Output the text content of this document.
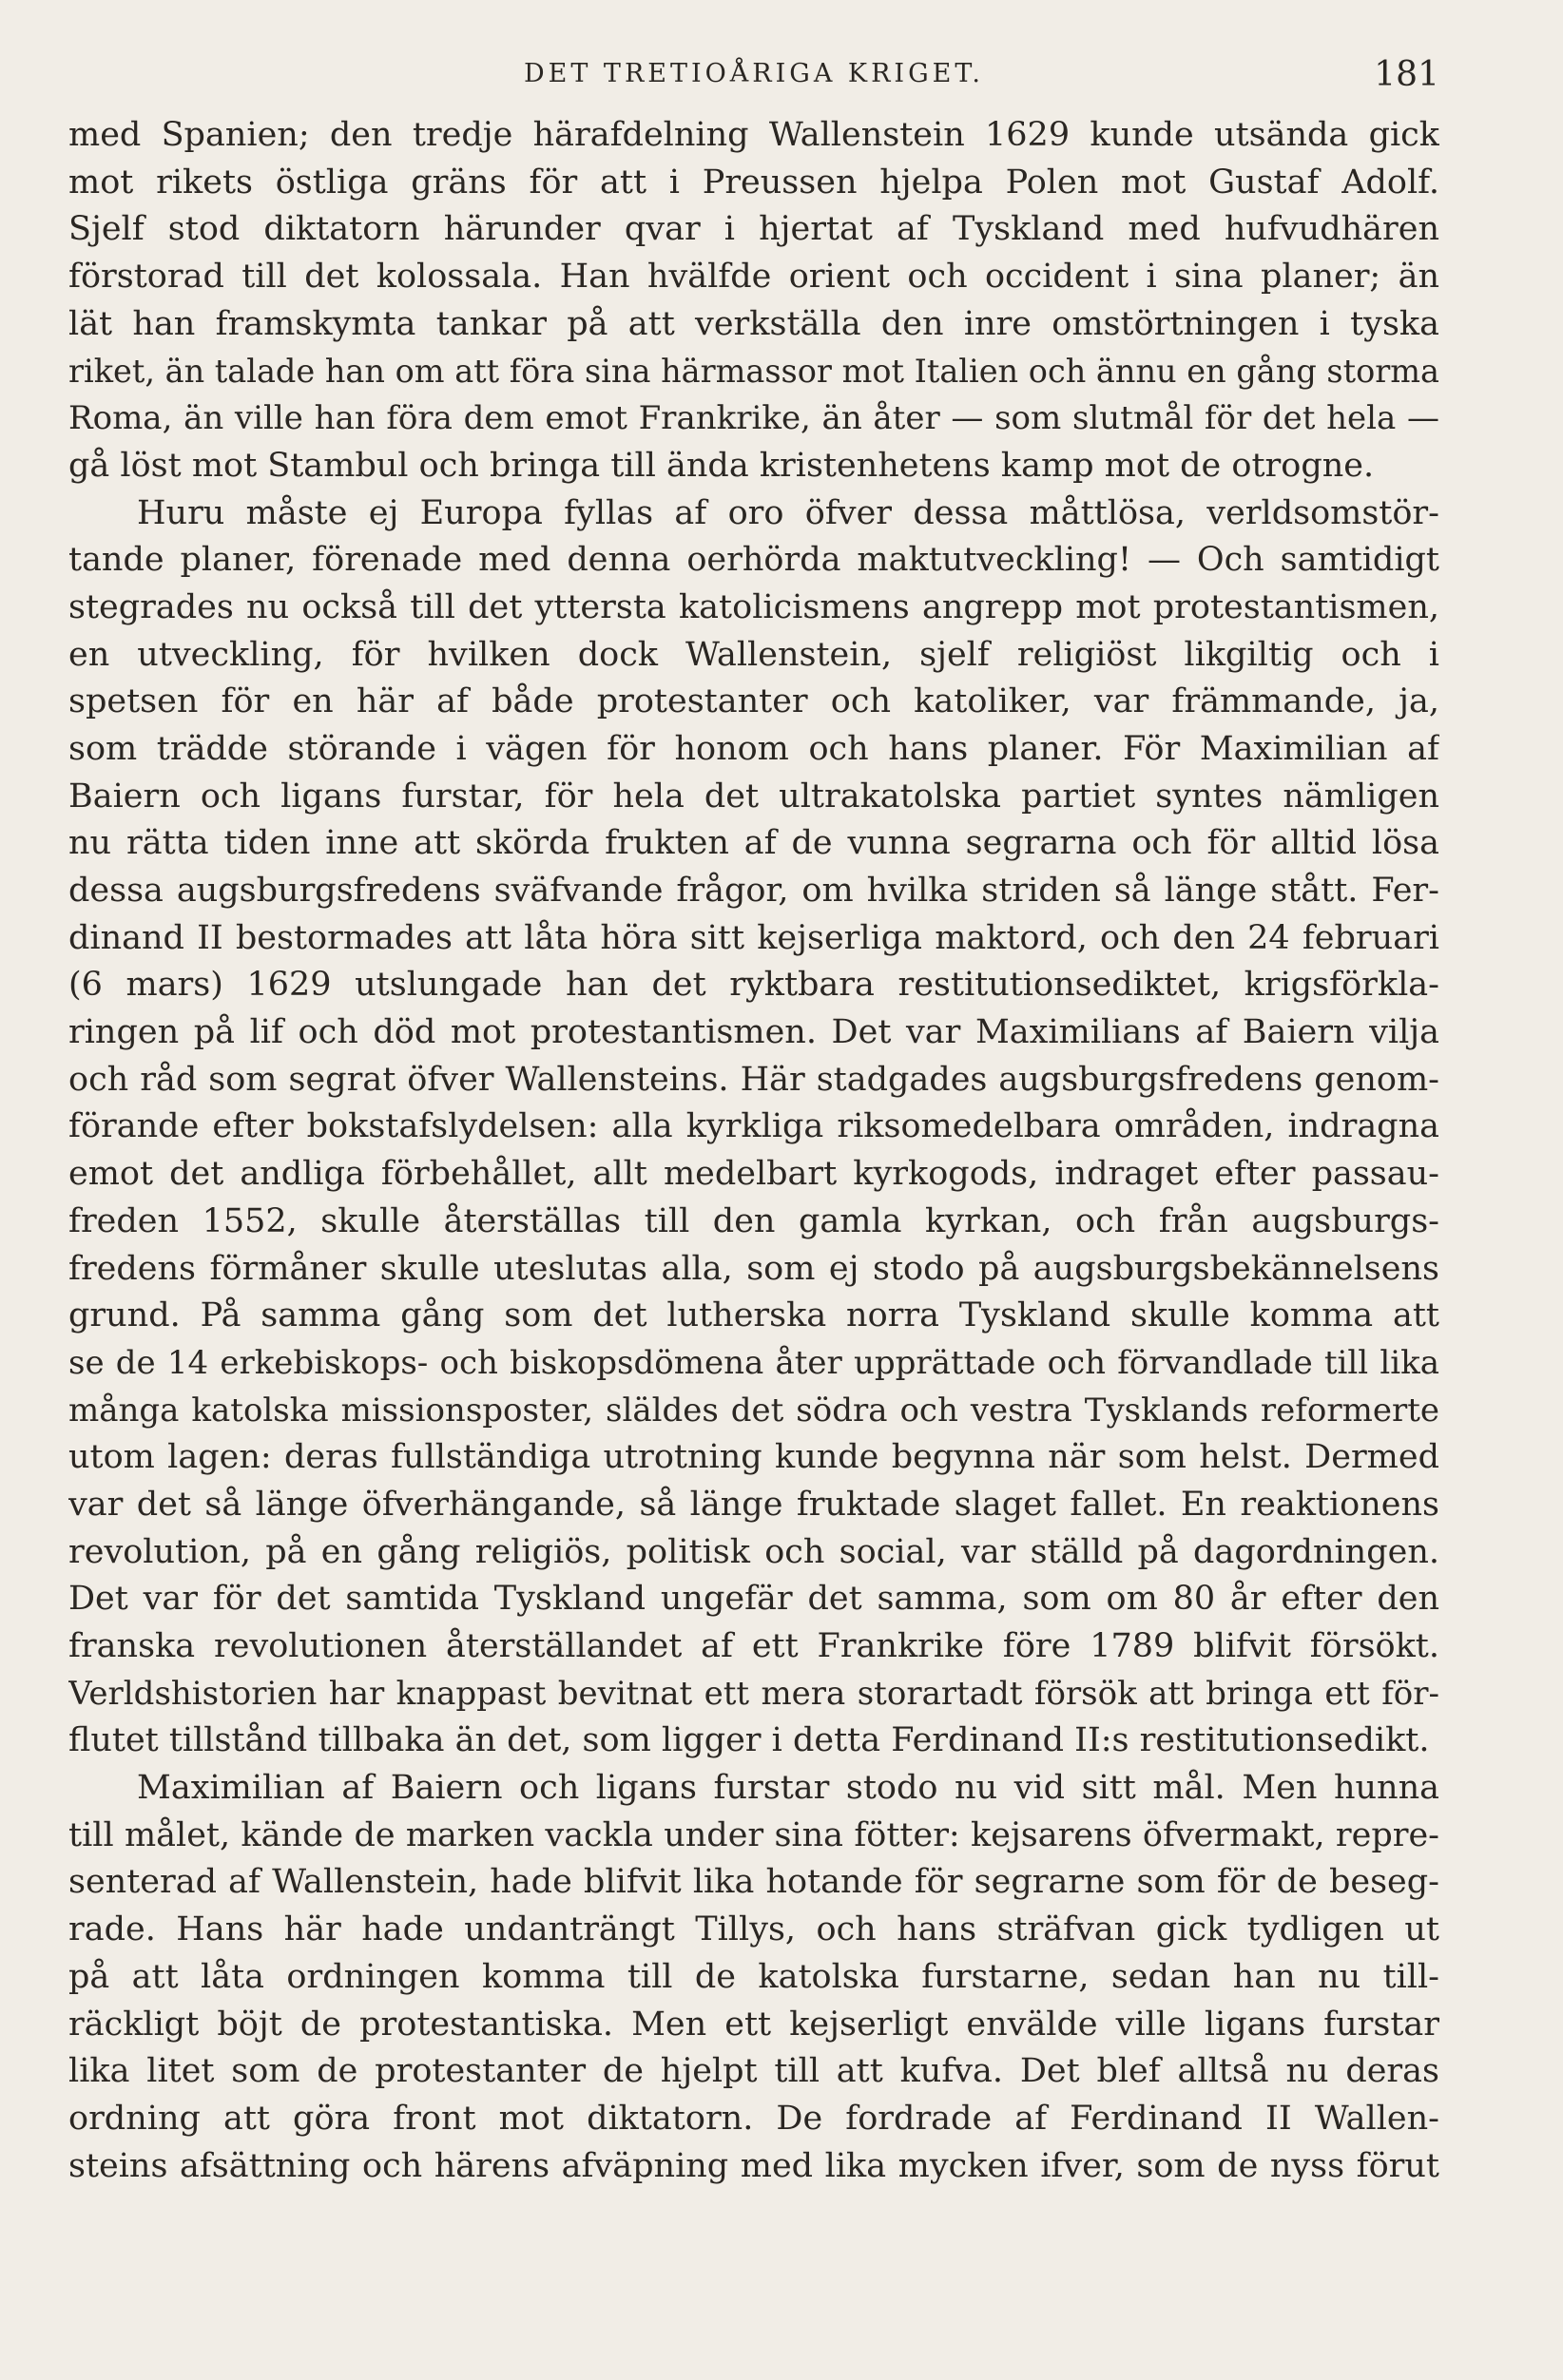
DET TRETIOÅRIGA KRIGET.	181
med Spanien; den tredje härafdelning Wallenstein 1629 kunde utsända gick
mot rikets östliga gräns för att i Preussen hjelpa Polen mot Gustaf Adolf.
Sjelf stod diktatorn härunder qvar i hjertat af Tyskland med hufvudhären
förstorad till det kolossala. Han hvälfde orient och occident i sina planer; än
lät han framskymta tankar på att verkställa den inre omstörtningen i tyska
riket, än talade han om att föra sina härmassor mot Italien och ännu en gång storma
Roma, än ville han föra dem emot Frankrike, än åter — som slutmål för det hela —
gå löst mot Stambul och bringa till ända kristenhetens kamp mot de otrogne.
Huru måste ej Europa fyllas af oro öfver dessa måttlösa, verldsomstör-
tande planer, förenade med denna oerhörda maktutveckling! — Och samtidigt
stegrades nu också till det yttersta katolicismens angrepp mot protestantismen,
en utveckling, för hvilken dock Wallenstein, sjelf religiöst likgiltig och i
spetsen för en här af både protestanter och katoliker, var främmande, ja,
som trädde störande i vägen för honom och hans planer. För Maximilian af
Baiern och ligans furstar, för hela det ultrakatolska partiet syntes nämligen
nu rätta tiden inne att skörda frukten af de vunna segrarna och för alltid lösa
dessa augsburgsfredens sväfvande frågor, om hvilka striden så länge stått. Fer-
dinand II bestormades att låta höra sitt kejserliga maktord, och den 24 februari
(6 mars) 1629 utslungade han det ryktbara restitutionsediktet, krigsförkla-
ringen på lif och död mot protestantismen. Det var Maximilians af Baiern vilja
och råd som segrat öfver Wallensteins. Här stadgades augsburgsfredens genom-
förande efter bokstafslydelsen: alla kyrkliga riksomedelbara områden, indragna
emot det andliga förbehållet, allt medelbart kyrkogods, indraget efter passau-
freden 1552, skulle återställas till den gamla kyrkan, och från augsburgs-
fredens förmåner skulle uteslutas alla, som ej stodo på augsburgsbekännelsens
grund. På samma gång som det lutherska norra Tyskland skulle komma att
se de 14 erkebiskops- och biskopsdömena åter upprättade och förvandlade till lika
många katolska missionsposter, släldes det södra och vestra Tysklands reformerte
utom lagen: deras fullständiga utrotning kunde begynna när som helst. Dermed
var det så länge öfverhängande, så länge fruktade slaget fallet. En reaktionens
revolution, på en gång religiös, politisk och social, var ställd på dagordningen.
Det var för det samtida Tyskland ungefär det samma, som om 80 år efter den
franska revolutionen återställandet af ett Frankrike före 1789 blifvit försökt.
Verldshistorien har knappast bevitnat ett mera storartadt försök att bringa ett för-
flutet tillstånd tillbaka än det, som ligger i detta Ferdinand II:s restitutionsedikt.
Maximilian af Baiern och ligans furstar stodo nu vid sitt mål. Men hunna
till målet, kände de marken vackla under sina fötter: kejsarens öfvermakt, repre-
senterad af Wallenstein, hade blifvit lika hotande för segrarne som för de beseg-
rade. Hans här hade undanträngt Tillys, och hans sträfvan gick tydligen ut
på att låta ordningen komma till de katolska furstarne, sedan han nu till-
räckligt böjt de protestantiska. Men ett kejserligt envälde ville ligans furstar
lika litet som de protestanter de hjelpt till att kufva. Det blef alltså nu deras
ordning att göra front mot diktatorn. De fordrade af Ferdinand II Wallen-
steins afsättning och härens afväpning med lika mycken ifver, som de nyss förut
